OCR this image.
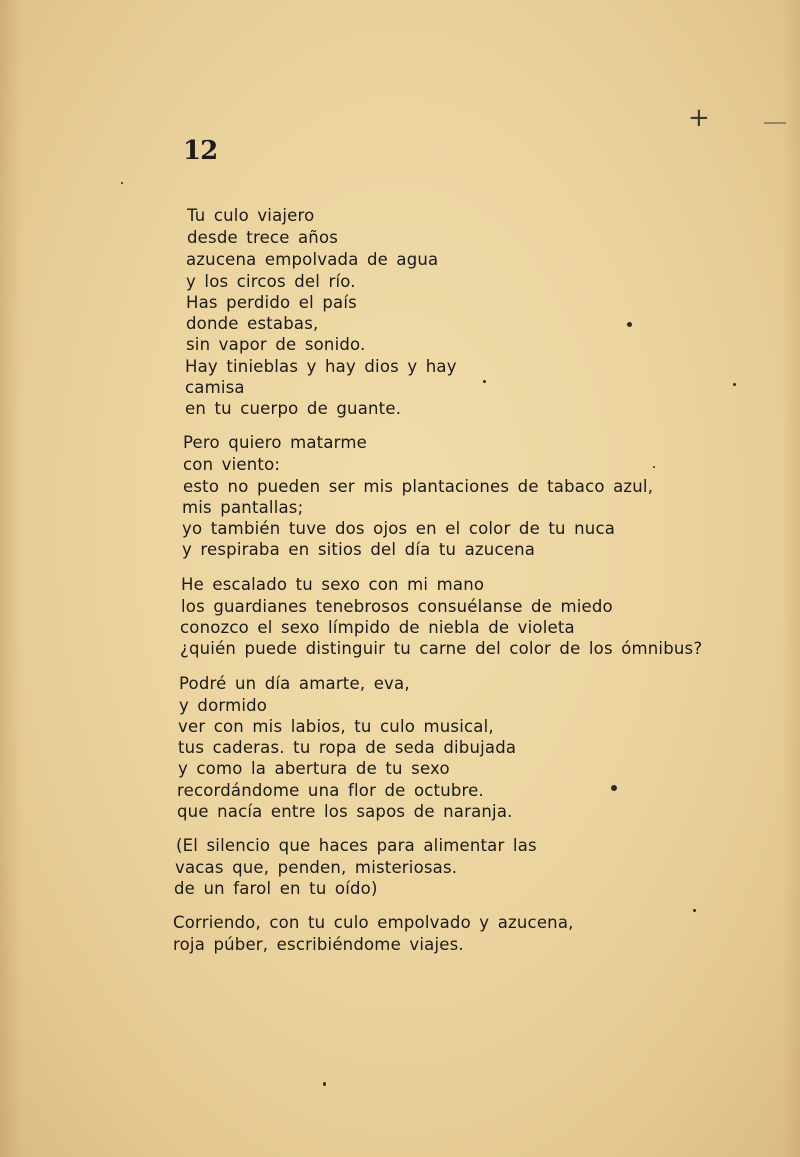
+
12
Tu culo viajero
desde trece años
azucena empolvada de agua
y los circos del río.
Has perdido el país
donde estabas,
sin vapor de sonido.
Hay tinieblas y hay dios y hay
camisa
en tu cuerpo de guante.
Pero quiero matarme
con viento:
esto no pueden ser mis plantaciones de tabaco azul,
mis pantallas;
yo también tuve dos ojos en el color de tu nuca
y respiraba en sitios del día tu azucena
He escalado tu sexo con mi mano
los guardianes tenebrosos consuélanse de miedo
conozco el sexo límpido de niebla de violeta
¿quién puede distinguir tu carne del color de los ómnibus?
Podré un día amarte, eva,
y dormido
ver con mis labios, tu culo musical,
tus caderas. tu ropa de seda dibujada
y como la abertura de tu sexo
recordándome una flor de octubre.
que nacía entre los sapos de naranja.
(El silencio que haces para alimentar las
vacas que, penden, misteriosas.
de un farol en tu oído)
Corriendo, con tu culo empolvado y azucena,
roja púber, escribiéndome viajes.
